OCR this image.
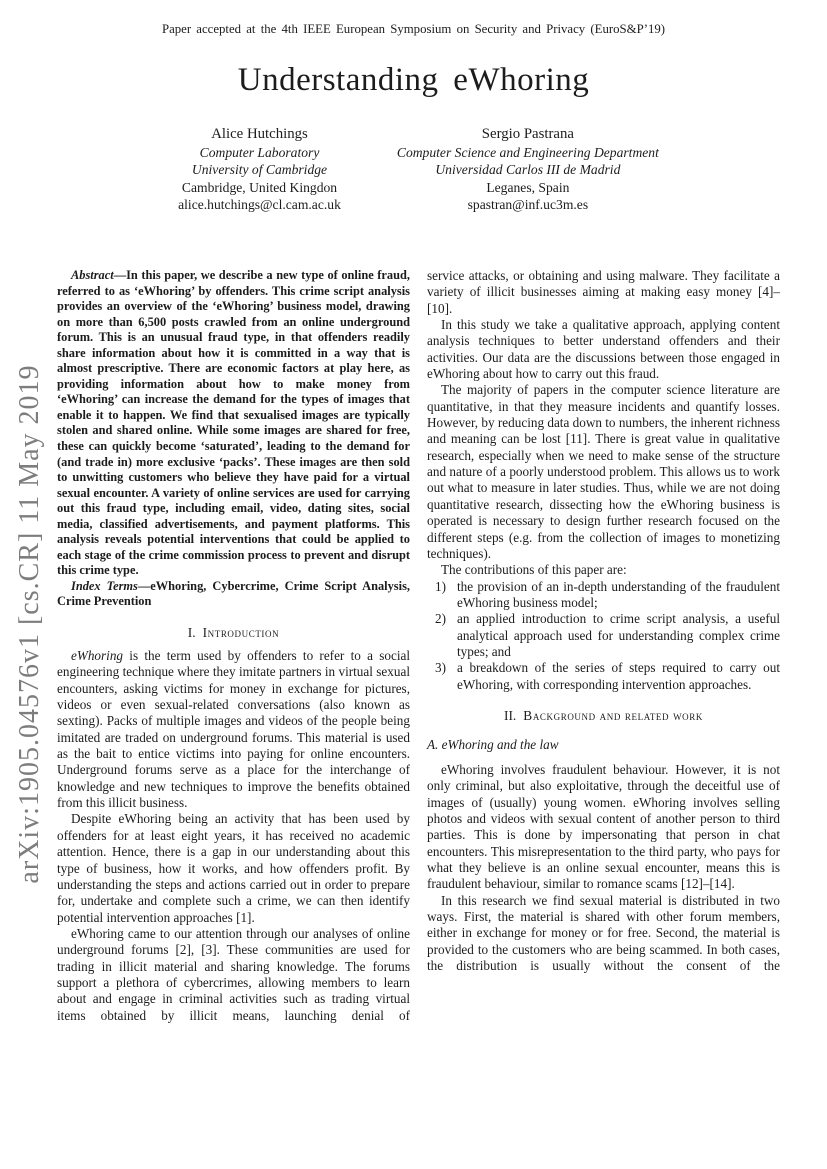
Paper accepted at the 4th IEEE European Symposium on Security and Privacy (EuroS&P’19)
Understanding eWhoring
Alice Hutchings
Computer Laboratory
University of Cambridge
Cambridge, United Kingdon
alice.hutchings@cl.cam.ac.uk
Sergio Pastrana
Computer Science and Engineering Department
Universidad Carlos III de Madrid
Leganes, Spain
spastran@inf.uc3m.es
arXiv:1905.04576v1 [cs.CR] 11 May 2019

Abstract—In this paper, we describe a new type of online fraud, referred to as ‘eWhoring’ by offenders. This crime script analysis provides an overview of the ‘eWhoring’ business model, drawing on more than 6,500 posts crawled from an online underground forum. This is an unusual fraud type, in that offenders readily share information about how it is committed in a way that is almost prescriptive. There are economic factors at play here, as providing information about how to make money from ‘eWhoring’ can increase the demand for the types of images that enable it to happen. We find that sexualised images are typically stolen and shared online. While some images are shared for free, these can quickly become ‘saturated’, leading to the demand for (and trade in) more exclusive ‘packs’. These images are then sold to unwitting customers who believe they have paid for a virtual sexual encounter. A variety of online services are used for carrying out this fraud type, including email, video, dating sites, social media, classified advertisements, and payment platforms. This analysis reveals potential interventions that could be applied to each stage of the crime commission process to prevent and disrupt this crime type.

Index Terms—eWhoring, Cybercrime, Crime Script Analysis, Crime Prevention

I. Introduction

eWhoring is the term used by offenders to refer to a social engineering technique where they imitate partners in virtual sexual encounters, asking victims for money in exchange for pictures, videos or even sexual-related conversations (also known as sexting). Packs of multiple images and videos of the people being imitated are traded on underground forums. This material is used as the bait to entice victims into paying for online encounters. Underground forums serve as a place for the interchange of knowledge and new techniques to improve the benefits obtained from this illicit business.

Despite eWhoring being an activity that has been used by offenders for at least eight years, it has received no academic attention. Hence, there is a gap in our understanding about this type of business, how it works, and how offenders profit. By understanding the steps and actions carried out in order to prepare for, undertake and complete such a crime, we can then identify potential intervention approaches [1].

eWhoring came to our attention through our analyses of online underground forums [2], [3]. These communities are used for trading in illicit material and sharing knowledge. The forums support a plethora of cybercrimes, allowing members to learn about and engage in criminal activities such as trading virtual items obtained by illicit means, launching denial of

service attacks, or obtaining and using malware. They facilitate a variety of illicit businesses aiming at making easy money [4]–[10].

In this study we take a qualitative approach, applying content analysis techniques to better understand offenders and their activities. Our data are the discussions between those engaged in eWhoring about how to carry out this fraud.

The majority of papers in the computer science literature are quantitative, in that they measure incidents and quantify losses. However, by reducing data down to numbers, the inherent richness and meaning can be lost [11]. There is great value in qualitative research, especially when we need to make sense of the structure and nature of a poorly understood problem. This allows us to work out what to measure in later studies. Thus, while we are not doing quantitative research, dissecting how the eWhoring business is operated is necessary to design further research focused on the different steps (e.g. from the collection of images to monetizing techniques).

The contributions of this paper are:

1) the provision of an in-depth understanding of the fraudulent eWhoring business model;
2) an applied introduction to crime script analysis, a useful analytical approach used for understanding complex crime types; and
3) a breakdown of the series of steps required to carry out eWhoring, with corresponding intervention approaches.
II. Background and related work
A. eWhoring and the law

eWhoring involves fraudulent behaviour. However, it is not only criminal, but also exploitative, through the deceitful use of images of (usually) young women. eWhoring involves selling photos and videos with sexual content of another person to third parties. This is done by impersonating that person in chat encounters. This misrepresentation to the third party, who pays for what they believe is an online sexual encounter, means this is fraudulent behaviour, similar to romance scams [12]–[14].

In this research we find sexual material is distributed in two ways. First, the material is shared with other forum members, either in exchange for money or for free. Second, the material is provided to the customers who are being scammed. In both cases, the distribution is usually without the consent of the
